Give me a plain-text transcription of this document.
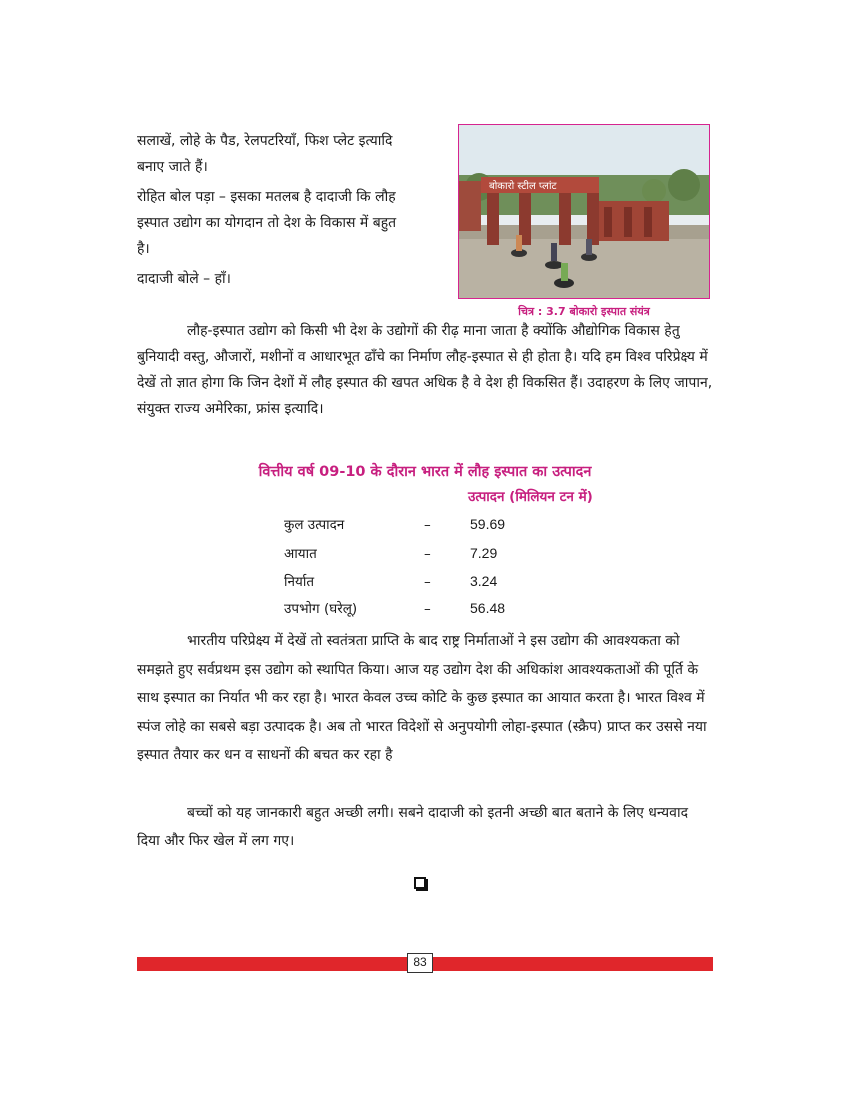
सलाखें, लोहे के पैड, रेलपटरियाँ, फिश प्लेट इत्यादि
बनाए जाते हैं।
रोहित बोल पड़ा – इसका मतलब है दादाजी कि लौह
इस्पात उद्योग का योगदान तो देश के विकास में बहुत
है।
दादाजी बोले – हाँ।
बोकारो स्टील प्लांट
चित्र : 3.7 बोकारो इस्पात संयंत्र

लौह-इस्पात उद्योग को किसी भी देश के उद्योगों की रीढ़ माना जाता है क्योंकि औद्योगिक विकास हेतु बुनियादी वस्तु, औजारों, मशीनों व आधारभूत ढाँचे का निर्माण लौह-इस्पात से ही होता है। यदि हम विश्व परिप्रेक्ष्य में देखें तो ज्ञात होगा कि जिन देशों में लौह इस्पात की खपत अधिक है वे देश ही विकसित हैं। उदाहरण के लिए जापान, संयुक्त राज्य अमेरिका, फ्रांस इत्यादि।

वित्तीय वर्ष 09-10 के दौरान भारत में लौह इस्पात का उत्पादन
उत्पादन (मिलियन टन में)
कुल उत्पादन	–	59.69
आयात	–	7.29
निर्यात	–	3.24
उपभोग (घरेलू)	–	56.48

भारतीय परिप्रेक्ष्य में देखें तो स्वतंत्रता प्राप्ति के बाद राष्ट्र निर्माताओं ने इस उद्योग की आवश्यकता को समझते हुए सर्वप्रथम इस उद्योग को स्थापित किया। आज यह उद्योग देश की अधिकांश आवश्यकताओं की पूर्ति के साथ इस्पात का निर्यात भी कर रहा है। भारत केवल उच्च कोटि के कुछ इस्पात का आयात करता है। भारत विश्व में स्पंज लोहे का सबसे बड़ा उत्पादक है। अब तो भारत विदेशों से अनुपयोगी लोहा-इस्पात (स्क्रैप) प्राप्त कर उससे नया इस्पात तैयार कर धन व साधनों की बचत कर रहा है

बच्चों को यह जानकारी बहुत अच्छी लगी। सबने दादाजी को इतनी अच्छी बात बताने के लिए धन्यवाद दिया और फिर खेल में लग गए।

83
